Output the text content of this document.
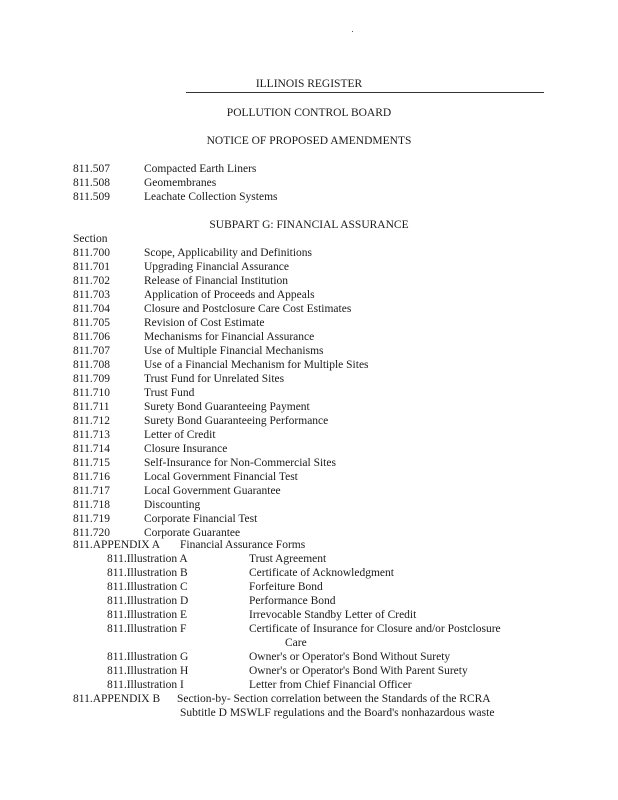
ILLINOIS REGISTER
POLLUTION CONTROL BOARD
NOTICE OF PROPOSED AMENDMENTS
811.507	Compacted Earth Liners
811.508	Geomembranes
811.509	Leachate Collection Systems
SUBPART G: FINANCIAL ASSURANCE
Section
811.700	Scope, Applicability and Definitions
811.701	Upgrading Financial Assurance
811.702	Release of Financial Institution
811.703	Application of Proceeds and Appeals
811.704	Closure and Postclosure Care Cost Estimates
811.705	Revision of Cost Estimate
811.706	Mechanisms for Financial Assurance
811.707	Use of Multiple Financial Mechanisms
811.708	Use of a Financial Mechanism for Multiple Sites
811.709	Trust Fund for Unrelated Sites
811.710	Trust Fund
811.711	Surety Bond Guaranteeing Payment
811.712	Surety Bond Guaranteeing Performance
811.713	Letter of Credit
811.714	Closure Insurance
811.715	Self-Insurance for Non-Commercial Sites
811.716	Local Government Financial Test
811.717	Local Government Guarantee
811.718	Discounting
811.719	Corporate Financial Test
811.720	Corporate Guarantee
811.APPENDIX A Financial Assurance Forms
811.Illustration A	Trust Agreement
811.Illustration B	Certificate of Acknowledgment
811.Illustration C	Forfeiture Bond
811.Illustration D	Performance Bond
811.Illustration E	Irrevocable Standby Letter of Credit
811.Illustration F	Certificate of Insurance for Closure and/or Postclosure
Care
811.Illustration G	Owner's or Operator's Bond Without Surety
811.Illustration H	Owner's or Operator's Bond With Parent Surety
811.Illustration I	Letter from Chief Financial Officer
811.APPENDIX B Section-by- Section correlation between the Standards of the RCRA
Subtitle D MSWLF regulations and the Board's nonhazardous waste
